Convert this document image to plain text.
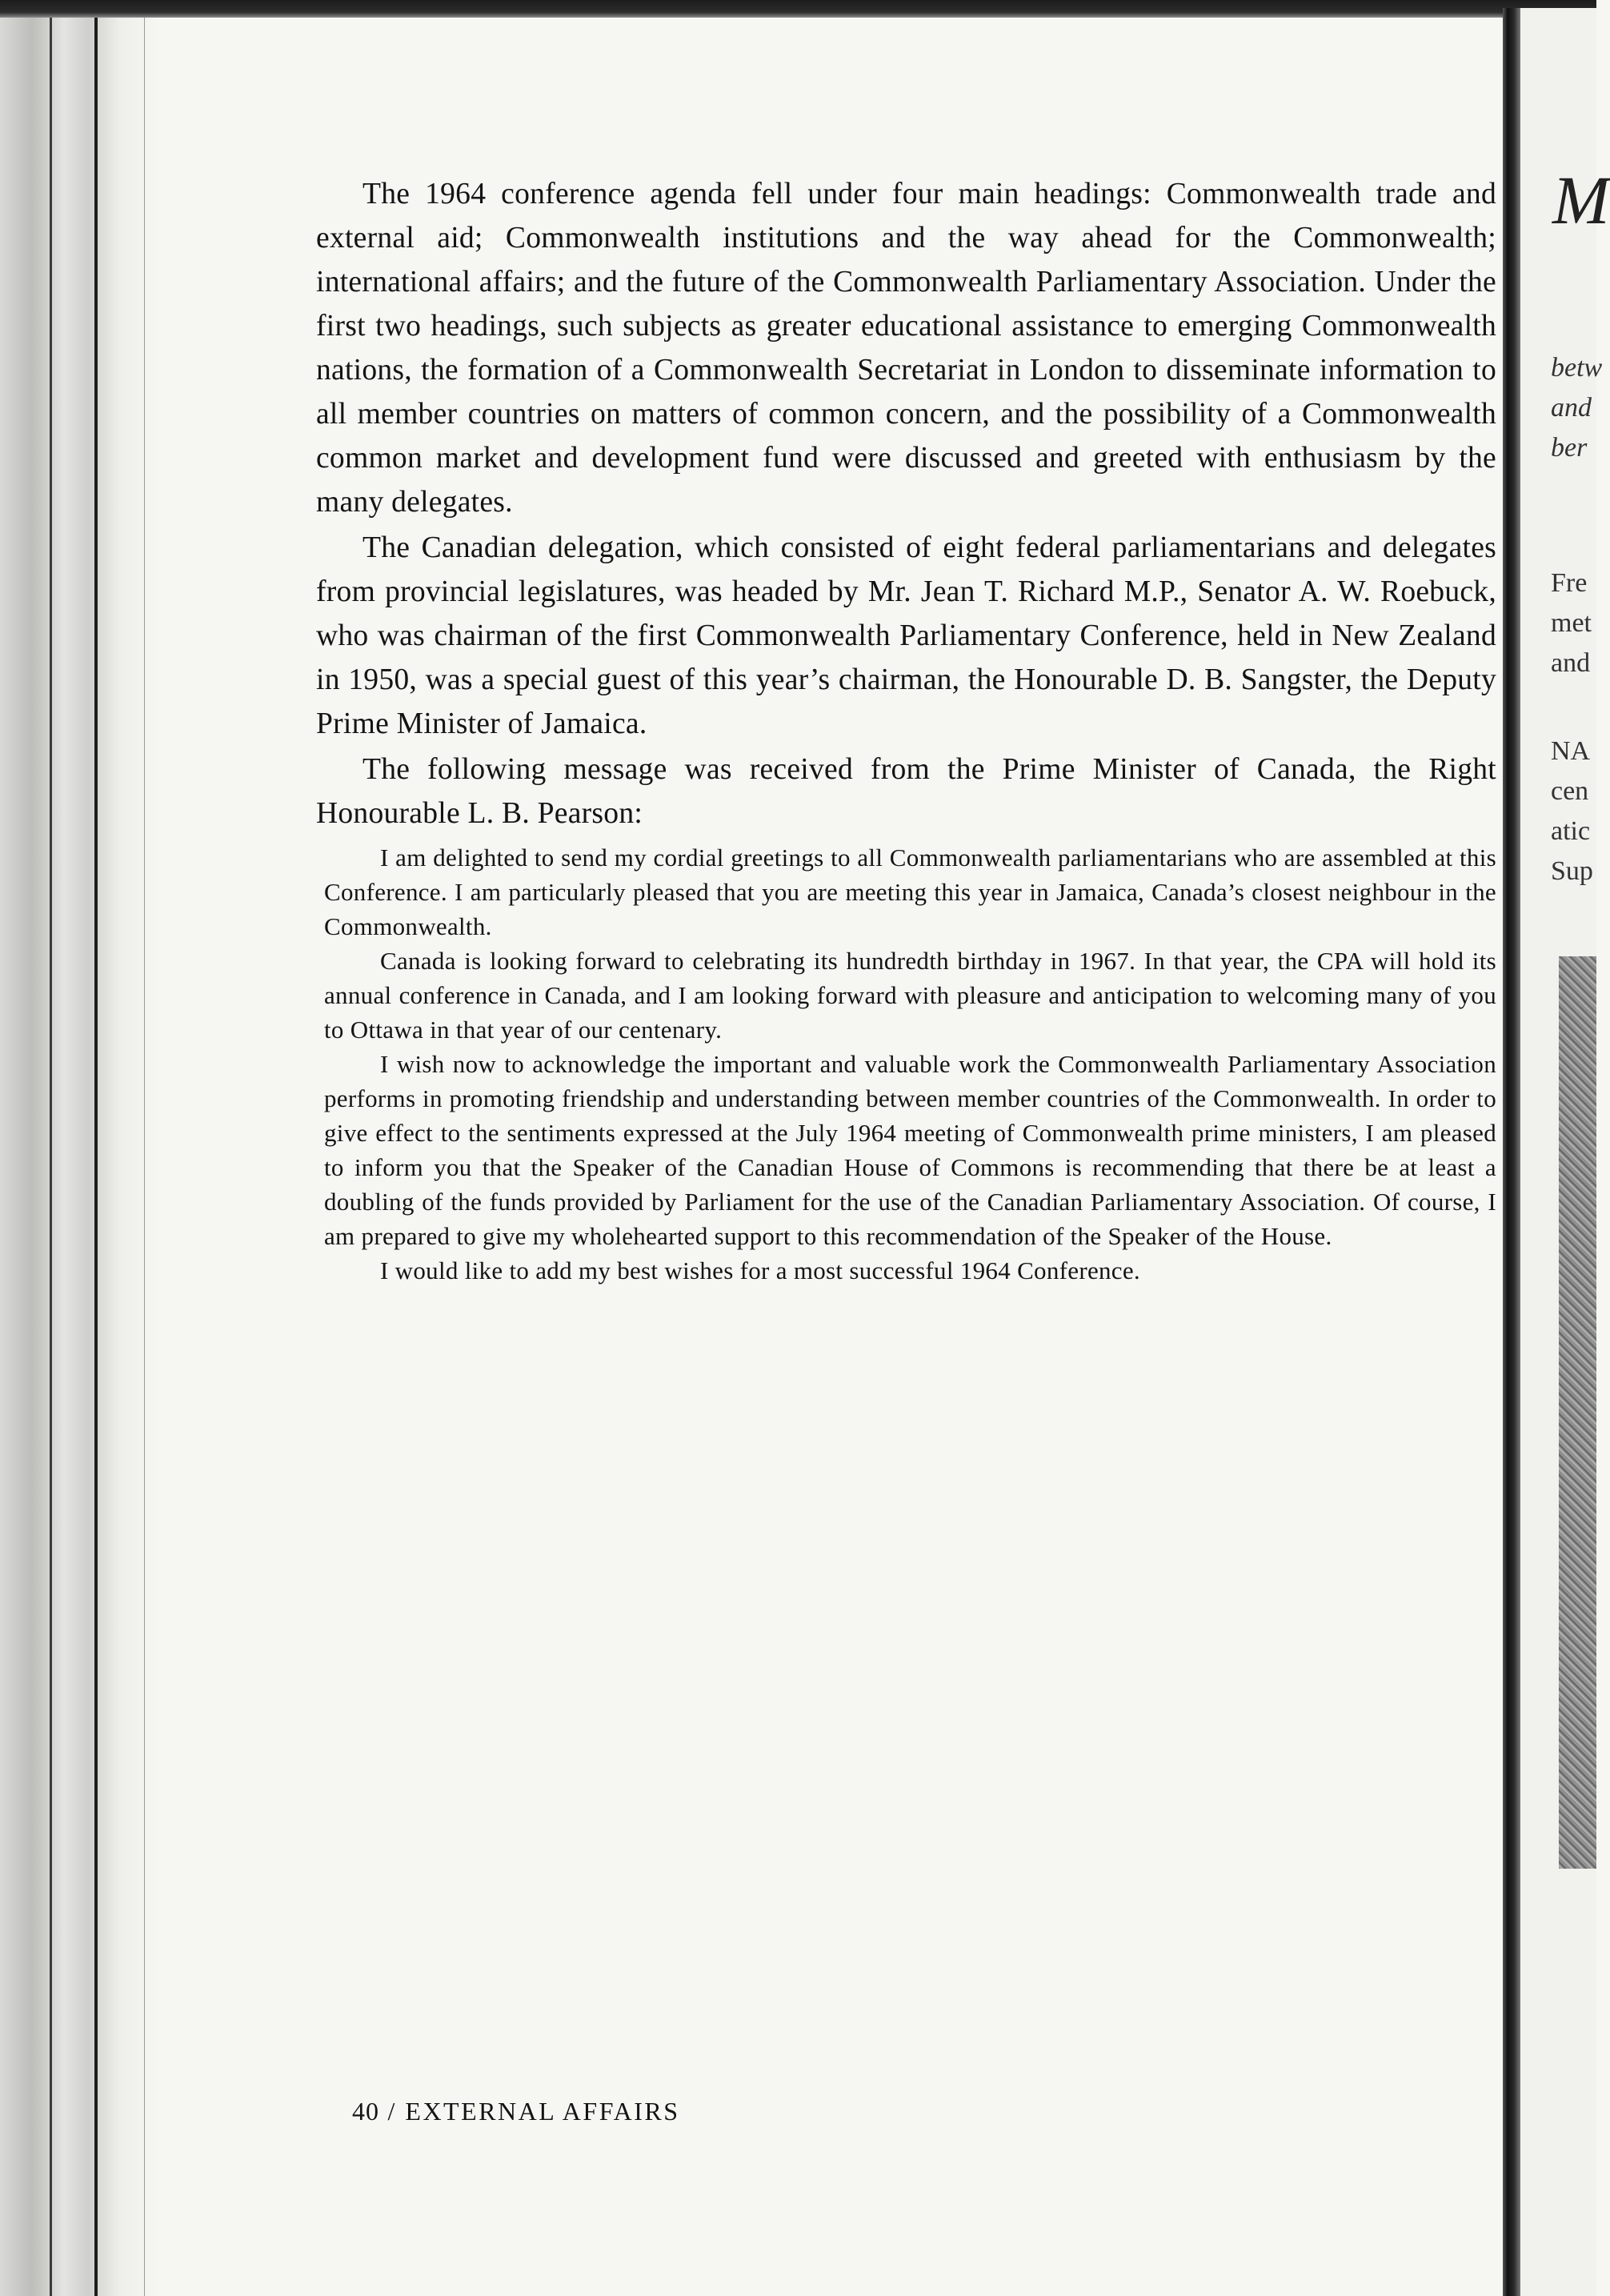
The 1964 conference agenda fell under four main headings: Commonwealth trade and external aid; Commonwealth institutions and the way ahead for the Commonwealth; international affairs; and the future of the Commonwealth Parliamentary Association. Under the first two headings, such subjects as greater educational assistance to emerging Commonwealth nations, the formation of a Commonwealth Secretariat in London to disseminate information to all member countries on matters of common concern, and the possibility of a Commonwealth common market and development fund were discussed and greeted with enthusiasm by the many delegates.

The Canadian delegation, which consisted of eight federal parliamentarians and delegates from provincial legislatures, was headed by Mr. Jean T. Richard M.P., Senator A. W. Roebuck, who was chairman of the first Commonwealth Parliamentary Conference, held in New Zealand in 1950, was a special guest of this year’s chairman, the Honourable D. B. Sangster, the Deputy Prime Minister of Jamaica.

The following message was received from the Prime Minister of Canada, the Right Honourable L. B. Pearson:

I am delighted to send my cordial greetings to all Commonwealth parliamentarians who are assembled at this Conference. I am particularly pleased that you are meeting this year in Jamaica, Canada’s closest neighbour in the Commonwealth.

Canada is looking forward to celebrating its hundredth birthday in 1967. In that year, the CPA will hold its annual conference in Canada, and I am looking forward with pleasure and anticipation to welcoming many of you to Ottawa in that year of our centenary.

I wish now to acknowledge the important and valuable work the Commonwealth Parliamentary Association performs in promoting friendship and understanding between member countries of the Commonwealth. In order to give effect to the sentiments expressed at the July 1964 meeting of Commonwealth prime ministers, I am pleased to inform you that the Speaker of the Canadian House of Commons is recommending that there be at least a doubling of the funds provided by Parliament for the use of the Canadian Parliamentary Association. Of course, I am prepared to give my wholehearted support to this recommendation of the Speaker of the House.

I would like to add my best wishes for a most successful 1964 Conference.

40 / EXTERNAL AFFAIRS
M
betw
and
ber
Fre
met
and
NA
cen
atic
Sup
